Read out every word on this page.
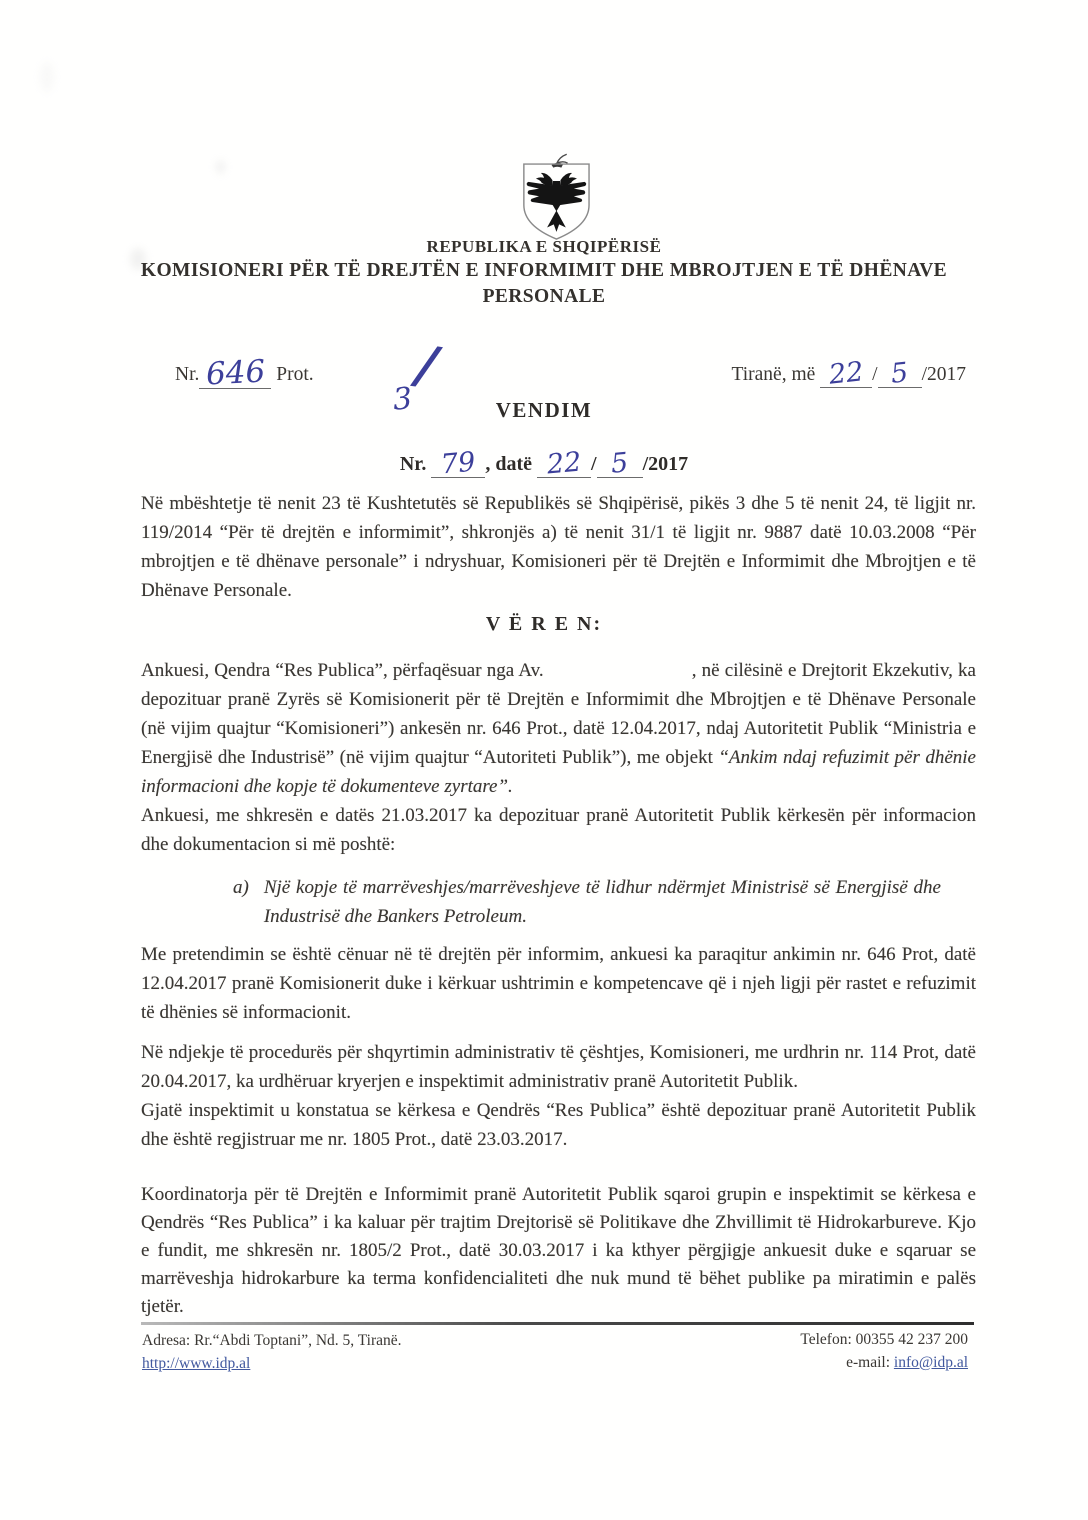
REPUBLIKA E SHQIPËRISË
KOMISIONERI PËR TË DREJTËN E INFORMIMIT DHE MBROJTJEN E TË DHËNAVE PERSONALE
Nr. 646 Prot. /
3
Tiranë, më 22 / 5 /2017
VENDIM
Nr. 79 , datë 22 / 5 /2017
Në mbështetje të nenit 23 të Kushtetutës së Republikës së Shqipërisë, pikës 3 dhe 5 të nenit 24, të ligjit nr. 119/2014 “Për të drejtën e informimit”, shkronjës a) të nenit 31/1 të ligjit nr. 9887 datë 10.03.2008 “Për mbrojtjen e të dhënave personale” i ndryshuar, Komisioneri për të Drejtën e Informimit dhe Mbrojtjen e të Dhënave Personale.
V Ë R E N:
Ankuesi, Qendra “Res Publica”, përfaqësuar nga Av.	, në cilësinë e Drejtorit Ekzekutiv, ka depozituar pranë Zyrës së Komisionerit për të Drejtën e Informimit dhe Mbrojtjen e të Dhënave Personale (në vijim quajtur “Komisioneri”) ankesën nr. 646 Prot., datë 12.04.2017, ndaj Autoritetit Publik “Ministria e Energjisë dhe Industrisë” (në vijim quajtur “Autoriteti Publik”), me objekt “Ankim ndaj refuzimit për dhënie informacioni dhe kopje të dokumenteve zyrtare”.
Ankuesi, me shkresën e datës 21.03.2017 ka depozituar pranë Autoritetit Publik kërkesën për informacion dhe dokumentacion si më poshtë:
a) Një kopje të marrëveshjes/marrëveshjeve të lidhur ndërmjet Ministrisë së Energjisë dhe Industrisë dhe Bankers Petroleum.
Me pretendimin se është cënuar në të drejtën për informim, ankuesi ka paraqitur ankimin nr. 646 Prot, datë 12.04.2017 pranë Komisionerit duke i kërkuar ushtrimin e kompetencave që i njeh ligji për rastet e refuzimit të dhënies së informacionit.
Në ndjekje të procedurës për shqyrtimin administrativ të çështjes, Komisioneri, me urdhrin nr. 114 Prot, datë 20.04.2017, ka urdhëruar kryerjen e inspektimit administrativ pranë Autoritetit Publik.
Gjatë inspektimit u konstatua se kërkesa e Qendrës “Res Publica” është depozituar pranë Autoritetit Publik dhe është regjistruar me nr. 1805 Prot., datë 23.03.2017.
Koordinatorja për të Drejtën e Informimit pranë Autoritetit Publik sqaroi grupin e inspektimit se kërkesa e Qendrës “Res Publica” i ka kaluar për trajtim Drejtorisë së Politikave dhe Zhvillimit të Hidrokarbureve. Kjo e fundit, me shkresën nr. 1805/2 Prot., datë 30.03.2017 i ka kthyer përgjigje ankuesit duke e sqaruar se marrëveshja hidrokarbure ka terma konfidencialiteti dhe nuk mund të bëhet publike pa miratimin e palës tjetër.
Adresa: Rr.“Abdi Toptani”, Nd. 5, Tiranë.
http://www.idp.al
Telefon: 00355 42 237 200
e-mail: info@idp.al
